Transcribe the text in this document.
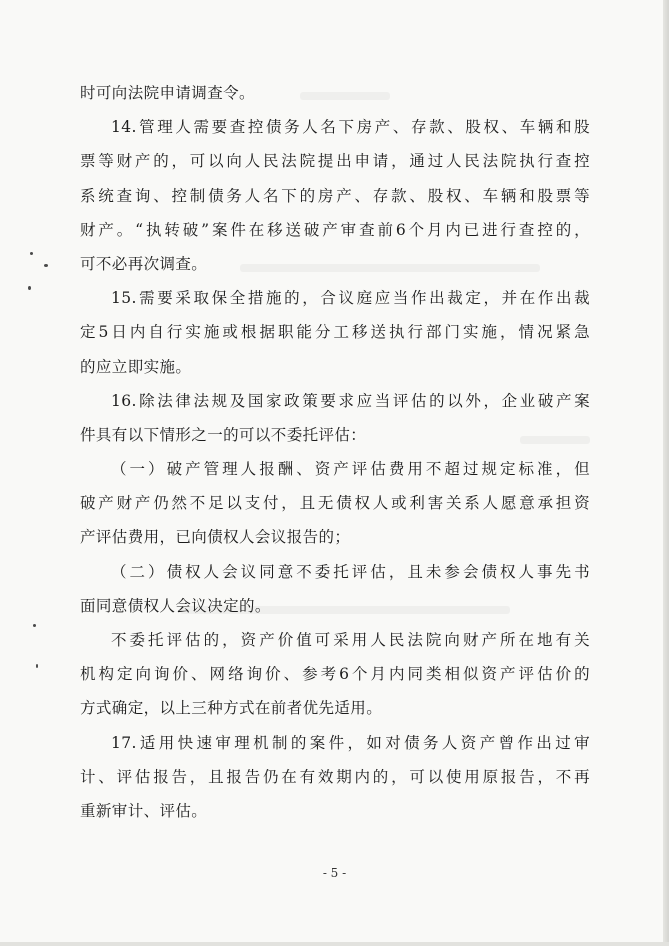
时可向法院申请调查令。
14.管理人需要查控债务人名下房产、存款、股权、车辆和股
票等财产的，可以向人民法院提出申请，通过人民法院执行查控
系统查询、控制债务人名下的房产、存款、股权、车辆和股票等
财产。“执转破”案件在移送破产审查前6个月内已进行查控的，
可不必再次调查。
15.需要采取保全措施的，合议庭应当作出裁定，并在作出裁
定5日内自行实施或根据职能分工移送执行部门实施，情况紧急
的应立即实施。
16.除法律法规及国家政策要求应当评估的以外，企业破产案
件具有以下情形之一的可以不委托评估：
（一）破产管理人报酬、资产评估费用不超过规定标准，但
破产财产仍然不足以支付，且无债权人或利害关系人愿意承担资
产评估费用，已向债权人会议报告的；
（二）债权人会议同意不委托评估，且未参会债权人事先书
面同意债权人会议决定的。
不委托评估的，资产价值可采用人民法院向财产所在地有关
机构定向询价、网络询价、参考6个月内同类相似资产评估价的
方式确定，以上三种方式在前者优先适用。
17.适用快速审理机制的案件，如对债务人资产曾作出过审
计、评估报告，且报告仍在有效期内的，可以使用原报告，不再
重新审计、评估。
- 5 -
